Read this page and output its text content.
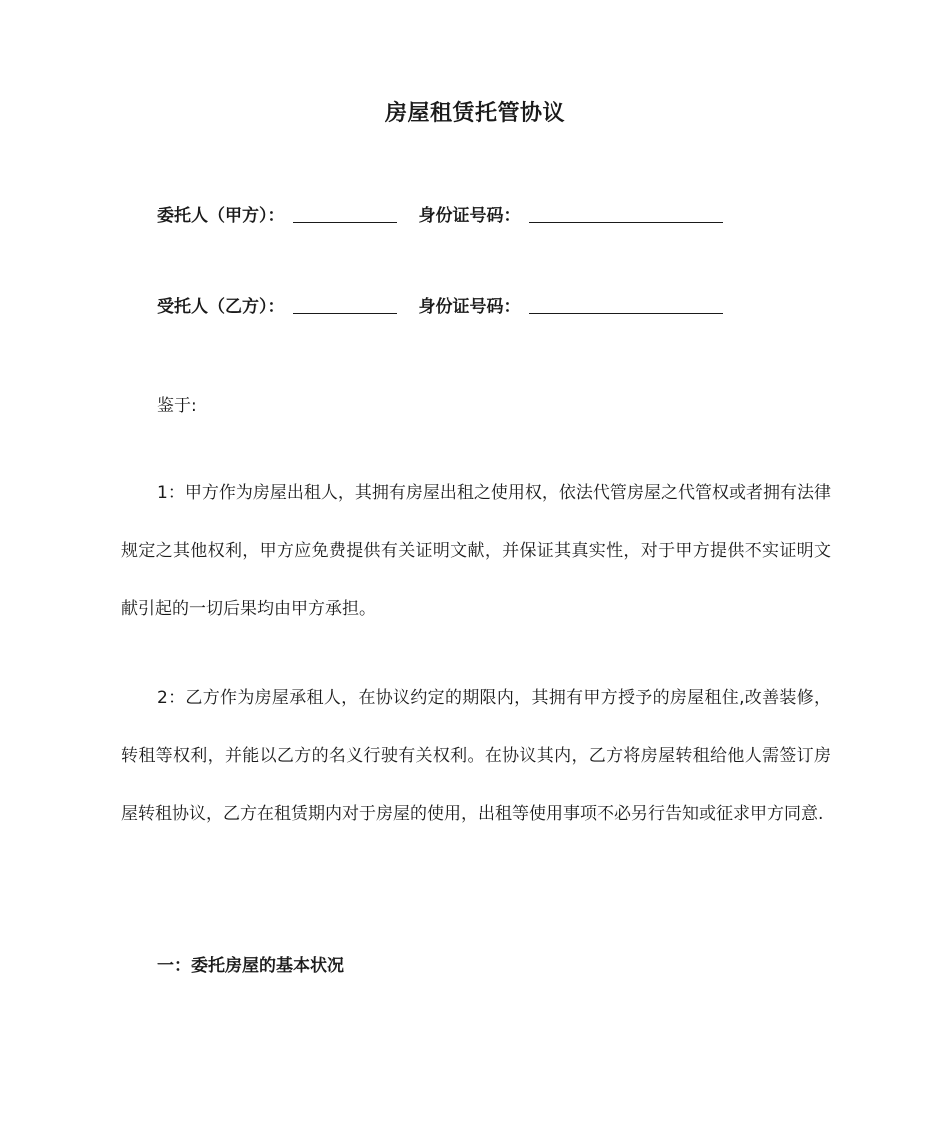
房屋租赁托管协议
委托人（甲方）：	身份证号码：
受托人（乙方）：	身份证号码：
鉴于:
1：甲方作为房屋出租人，其拥有房屋出租之使用权，依法代管房屋之代管权或者拥有法律规定之其他权利，甲方应免费提供有关证明文献，并保证其真实性，对于甲方提供不实证明文献引起的一切后果均由甲方承担。
2：乙方作为房屋承租人，在协议约定的期限内，其拥有甲方授予的房屋租住,改善装修，转租等权利，并能以乙方的名义行驶有关权利。在协议其内，乙方将房屋转租给他人需签订房屋转租协议，乙方在租赁期内对于房屋的使用，出租等使用事项不必另行告知或征求甲方同意.
一：委托房屋的基本状况
